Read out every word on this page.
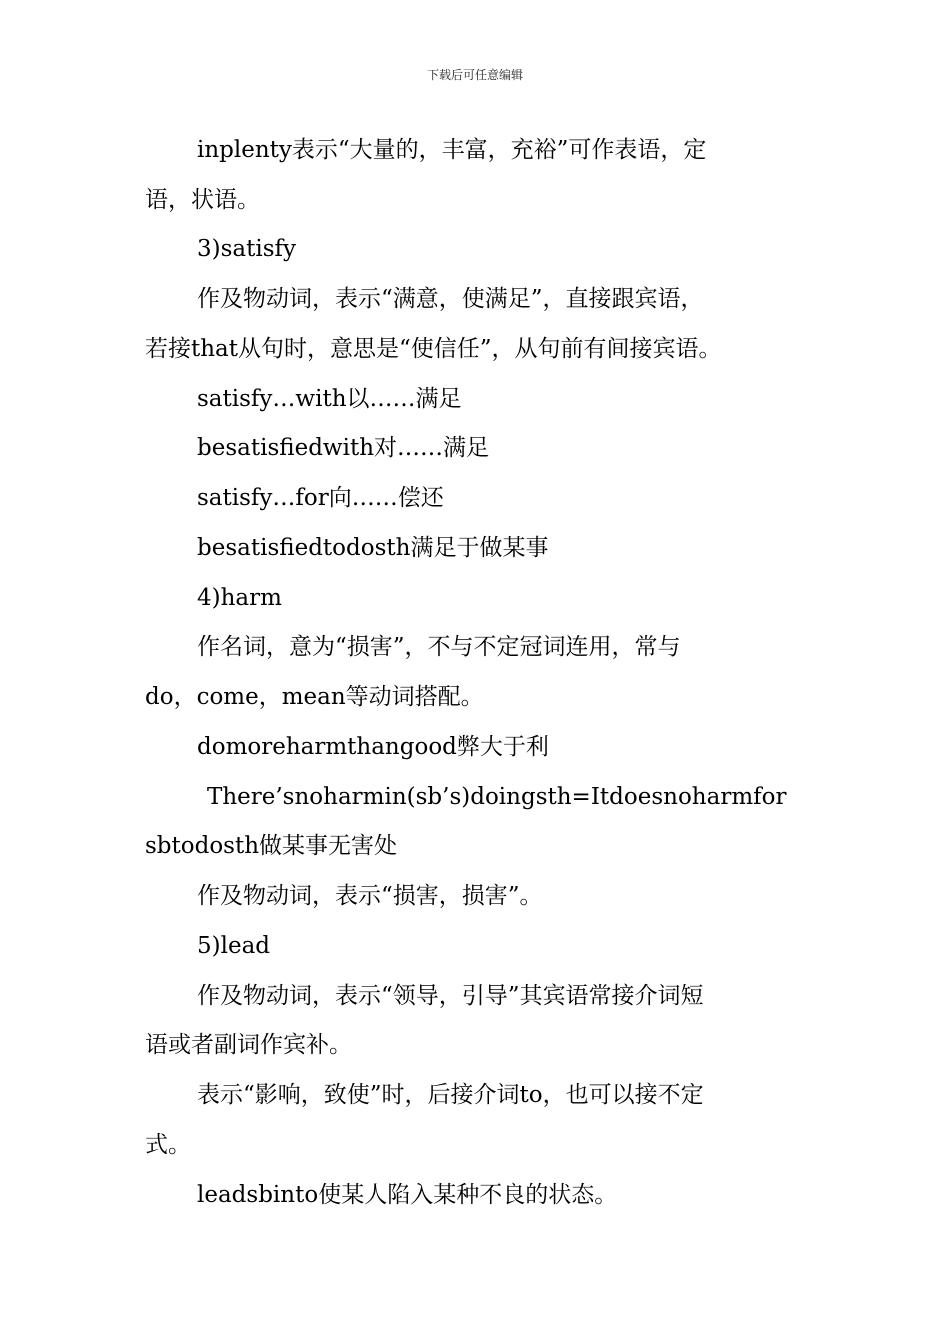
下载后可任意编辑
inplenty表示“大量的，丰富，充裕”可作表语，定
语，状语。
3)satisfy
作及物动词，表示“满意，使满足”，直接跟宾语，
若接that从句时，意思是“使信任”，从句前有间接宾语。
satisfy…with以……满足
besatisfiedwith对……满足
satisfy…for向……偿还
besatisfiedtodosth满足于做某事
4)harm
作名词，意为“损害”，不与不定冠词连用，常与
do，come，mean等动词搭配。
domoreharmthangood弊大于利
There’snoharmin(sb’s)doingsth=Itdoesnoharmfor
sbtodosth做某事无害处
作及物动词，表示“损害，损害”。
5)lead
作及物动词，表示“领导，引导”其宾语常接介词短
语或者副词作宾补。
表示“影响，致使”时，后接介词to，也可以接不定
式。
leadsbinto使某人陷入某种不良的状态。
